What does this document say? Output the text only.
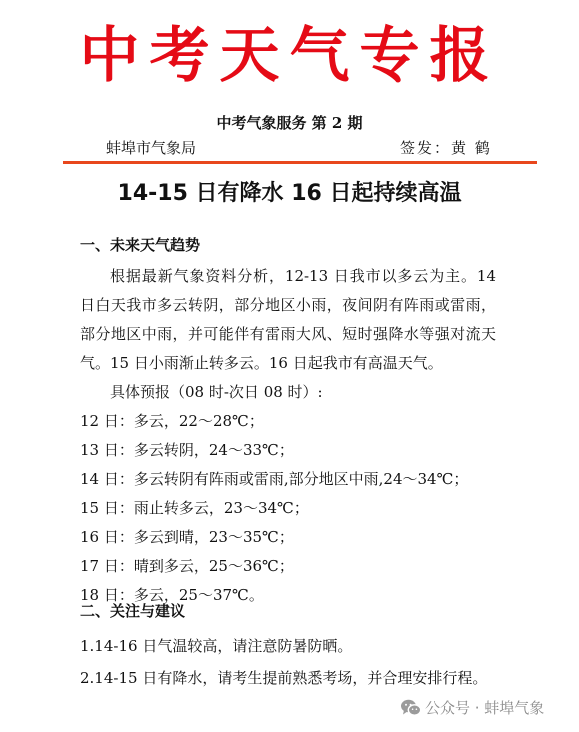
中考天气专报
中考气象服务 第 2 期
蚌埠市气象局	签发：黄 鹤
14-15 日有降水 16 日起持续高温
一、未来天气趋势

根据最新气象资料分析，12-13 日我市以多云为主。14 日白天我市多云转阴，部分地区小雨，夜间阴有阵雨或雷雨，部分地区中雨，并可能伴有雷雨大风、短时强降水等强对流天气。15 日小雨渐止转多云。16 日起我市有高温天气。

具体预报（08 时-次日 08 时）:
12 日：多云，22～28℃；
13 日：多云转阴，24～33℃；
14 日：多云转阴有阵雨或雷雨,部分地区中雨,24～34℃；
15 日：雨止转多云，23～34℃；
16 日：多云到晴，23～35℃；
17 日：晴到多云，25～36℃；
18 日：多云，25～37℃。
二、关注与建议

1.14-16 日气温较高，请注意防暑防晒。

2.14-15 日有降水，请考生提前熟悉考场，并合理安排行程。

公众号 · 蚌埠气象
